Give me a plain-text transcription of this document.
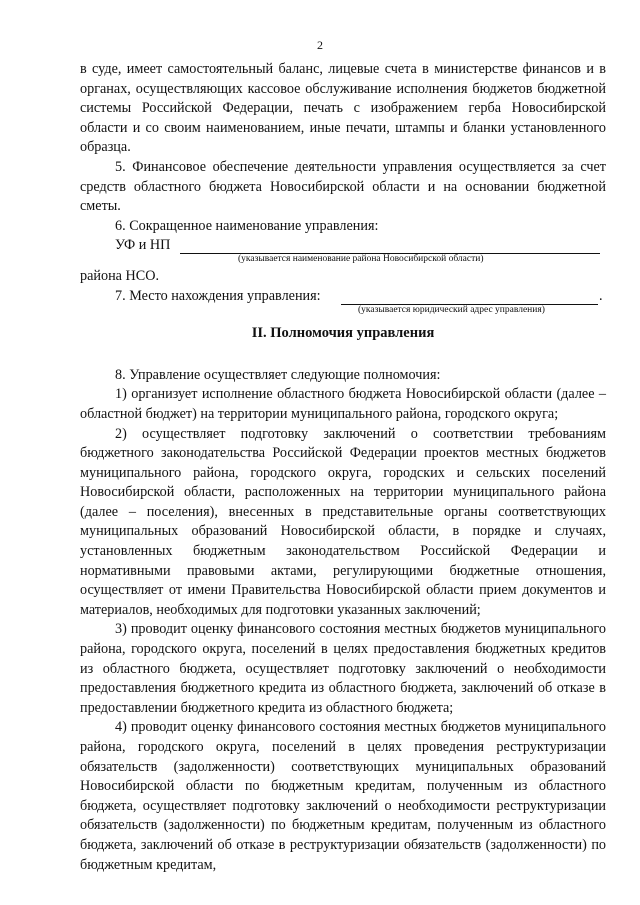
2

в суде, имеет самостоятельный баланс, лицевые счета в министерстве финансов и в органах, осуществляющих кассовое обслуживание исполнения бюджетов бюджетной системы Российской Федерации, печать с изображением герба Новосибирской области и со своим наименованием, иные печати, штампы и бланки установленного образца.

5. Финансовое обеспечение деятельности управления осуществляется за счет средств областного бюджета Новосибирской области и на основании бюджетной сметы.

6. Сокращенное наименование управления:

УФ и НП
(указывается наименование района Новосибирской области)

района НСО.

7. Место нахождения управления:	.
(указывается юридический адрес управления)
II. Полномочия управления

8. Управление осуществляет следующие полномочия:

1) организует исполнение областного бюджета Новосибирской области (далее – областной бюджет) на территории муниципального района, городского округа;

2) осуществляет подготовку заключений о соответствии требованиям бюджетного законодательства Российской Федерации проектов местных бюджетов муниципального района, городского округа, городских и сельских поселений Новосибирской области, расположенных на территории муниципального района (далее – поселения), внесенных в представительные органы соответствующих муниципальных образований Новосибирской области, в порядке и случаях, установленных бюджетным законодательством Российской Федерации и нормативными правовыми актами, регулирующими бюджетные отношения, осуществляет от имени Правительства Новосибирской области прием документов и материалов, необходимых для подготовки указанных заключений;

3) проводит оценку финансового состояния местных бюджетов муниципального района, городского округа, поселений в целях предоставления бюджетных кредитов из областного бюджета, осуществляет подготовку заключений о необходимости предоставления бюджетного кредита из областного бюджета, заключений об отказе в предоставлении бюджетного кредита из областного бюджета;

4) проводит оценку финансового состояния местных бюджетов муниципального района, городского округа, поселений в целях проведения реструктуризации обязательств (задолженности) соответствующих муниципальных образований Новосибирской области по бюджетным кредитам, полученным из областного бюджета, осуществляет подготовку заключений о необходимости реструктуризации обязательств (задолженности) по бюджетным кредитам, полученным из областного бюджета, заключений об отказе в реструктуризации обязательств (задолженности) по бюджетным кредитам,
